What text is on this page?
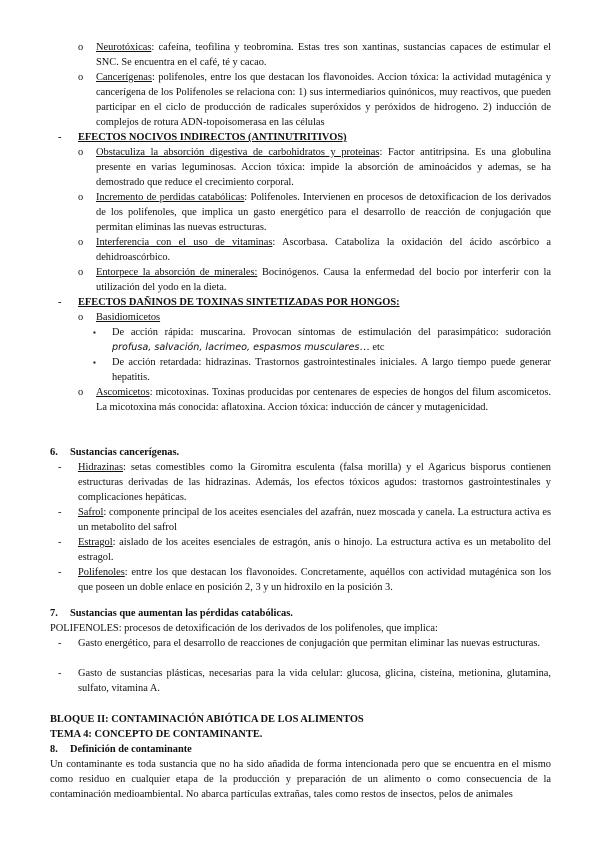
o Neurotóxicas: cafeína, teofilina y teobromina. Estas tres son xantinas, sustancias capaces de estimular el SNC. Se encuentra en el café, té y cacao.
o Cancerígenas: polifenoles, entre los que destacan los flavonoides. Accion tóxica: la actividad mutagénica y cancerígena de los Polifenoles se relaciona con: 1) sus intermediarios quinónicos, muy reactivos, que pueden participar en el ciclo de producción de radicales superóxidos y peróxidos de hidrogeno. 2) inducción de complejos de rotura ADN-topoisomerasa en las células
- EFECTOS NOCIVOS INDIRECTOS (ANTINUTRITIVOS)
o Obstaculiza la absorción digestiva de carbohidratos y proteinas: Factor antitripsina. Es una globulina presente en varias leguminosas. Accion tóxica: impide la absorción de aminoácidos y ademas, se ha demostrado que reduce el crecimiento corporal.
o Incremento de perdidas catabólicas: Polifenoles. Intervienen en procesos de detoxificacion de los derivados de los polifenoles, que implica un gasto energético para el desarrollo de reacción de conjugación que permitan eliminas las nuevas estructuras.
o Interferencia con el uso de vitaminas: Ascorbasa. Cataboliza la oxidación del ácido ascórbico a dehidroascórbico.
o Entorpece la absorción de minerales: Bocinógenos. Causa la enfermedad del bocio por interferir con la utilización del yodo en la dieta.
- EFECTOS DAÑINOS DE TOXINAS SINTETIZADAS POR HONGOS:
o Basidiomicetos
▪ De acción rápida: muscarina. Provocan síntomas de estimulación del parasimpático: sudoración profusa, salvación, lacrimeo, espasmos musculares… etc
▪ De acción retardada: hidrazinas. Trastornos gastrointestinales iniciales. A largo tiempo puede generar hepatitis.
o Ascomicetos: micotoxinas. Toxinas producidas por centenares de especies de hongos del filum ascomicetos. La micotoxina más conocida: aflatoxina. Accion tóxica: inducción de cáncer y mutagenicidad.
6. Sustancias cancerígenas.
- Hidrazinas: setas comestibles como la Giromitra esculenta (falsa morilla) y el Agaricus bisporus contienen estructuras derivadas de las hidrazinas. Además, los efectos tóxicos agudos: trastornos gastrointestinales y complicaciones hepáticas.
- Safrol: componente principal de los aceites esenciales del azafrán, nuez moscada y canela. La estructura activa es un metabolito del safrol
- Estragol: aislado de los aceites esenciales de estragón, anís o hinojo. La estructura activa es un metabolito del estragol.
- Polifenoles: entre los que destacan los flavonoides. Concretamente, aquéllos con actividad mutagénica son los que poseen un doble enlace en posición 2, 3 y un hidroxilo en la posición 3.
7. Sustancias que aumentan las pérdidas catabólicas.
POLIFENOLES: procesos de detoxificación de los derivados de los polifenoles, que implica:
- Gasto energético, para el desarrollo de reacciones de conjugación que permitan eliminar las nuevas estructuras.
- Gasto de sustancias plásticas, necesarias para la vida celular: glucosa, glicina, cisteína, metionina, glutamina, sulfato, vitamina A.
BLOQUE II: CONTAMINACIÓN ABIÓTICA DE LOS ALIMENTOS
TEMA 4: CONCEPTO DE CONTAMINANTE.
8. Definición de contaminante
Un contaminante es toda sustancia que no ha sido añadida de forma intencionada pero que se encuentra en el mismo como residuo en cualquier etapa de la producción y preparación de un alimento o como consecuencia de la contaminación medioambiental. No abarca partículas extrañas, tales como restos de insectos, pelos de animales
